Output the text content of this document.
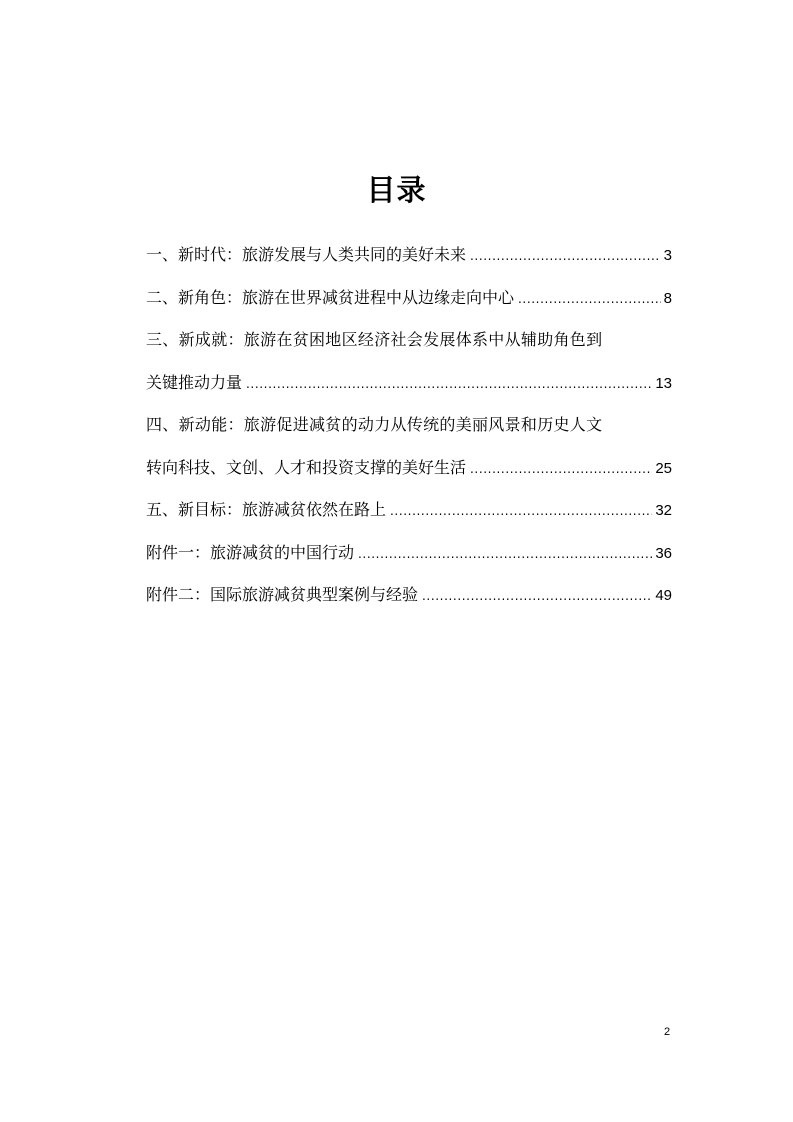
目录
一、新时代：旅游发展与人类共同的美好未来 .....	3
二、新角色：旅游在世界减贫进程中从边缘走向中心 .....	8
三、新成就：旅游在贫困地区经济社会发展体系中从辅助角色到
关键推动力量 .....	13
四、新动能：旅游促进减贫的动力从传统的美丽风景和历史人文
转向科技、文创、人才和投资支撑的美好生活 .....	25
五、新目标：旅游减贫依然在路上 .....	32
附件一：旅游减贫的中国行动 .....	36
附件二：国际旅游减贫典型案例与经验 .....	49
2
